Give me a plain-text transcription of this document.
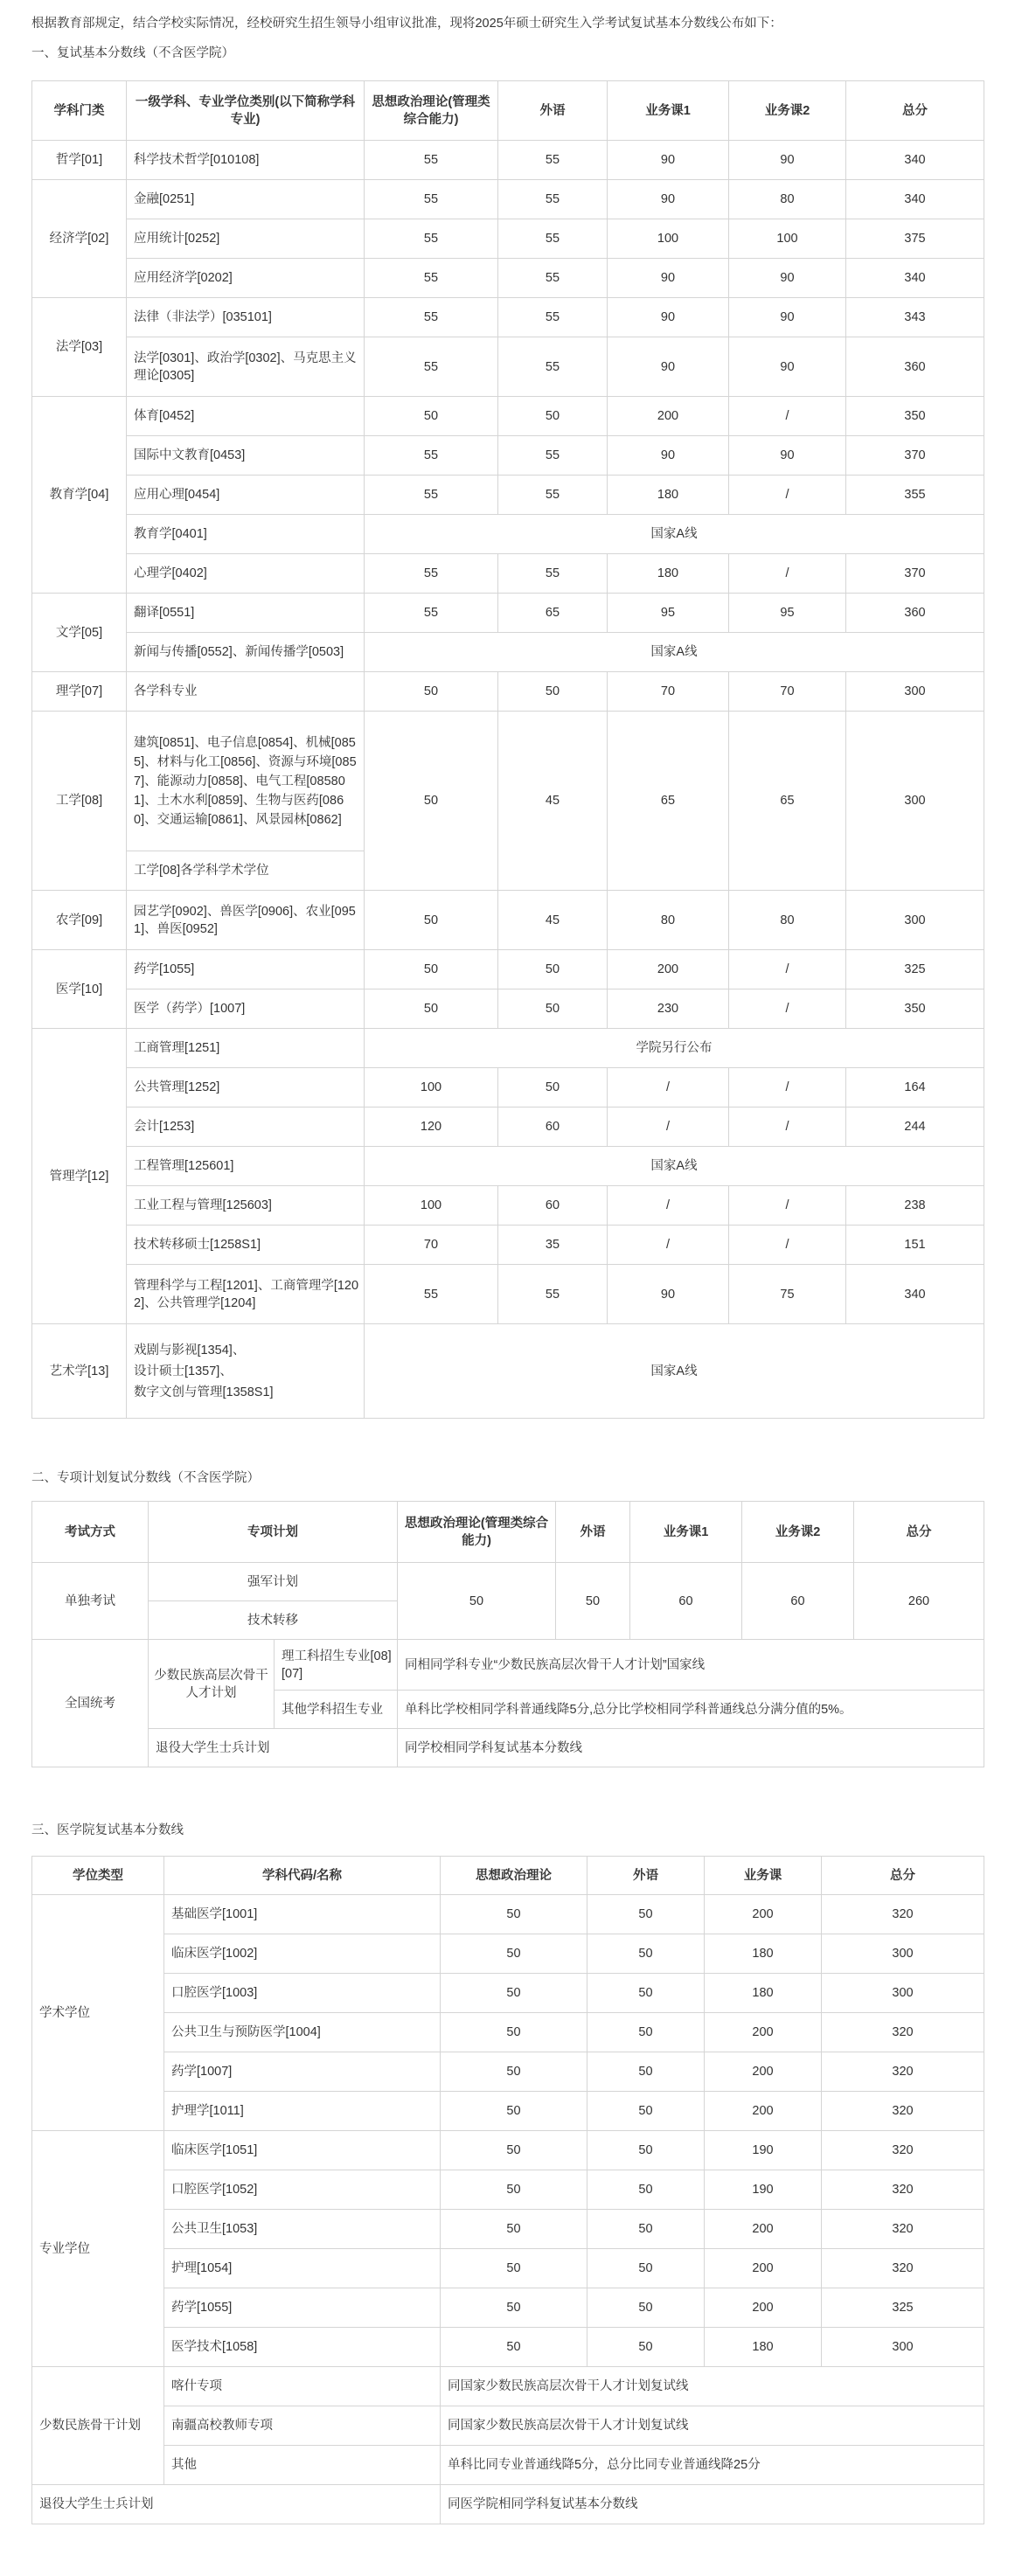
根据教育部规定，结合学校实际情况，经校研究生招生领导小组审议批准，现将2025年硕士研究生入学考试复试基本分数线公布如下：

一、复试基本分数线（不含医学院）

学科门类	一级学科、专业学位类别(以下简称学科专业)	思想政治理论(管理类综合能力)	外语	业务课1	业务课2	总分
哲学[01]	科学技术哲学[010108]	55	55	90	90	340
经济学[02]	金融[0251]	55	55	90	80	340
	应用统计[0252]	55	55	100	100	375
	应用经济学[0202]	55	55	90	90	340
法学[03]	法律（非法学）[035101]	55	55	90	90	343
	法学[0301]、政治学[0302]、马克思主义理论[0305]	55	55	90	90	360
教育学[04]	体育[0452]	50	50	200	/	350
	国际中文教育[0453]	55	55	90	90	370
	应用心理[0454]	55	55	180	/	355
	教育学[0401]	国家A线				
	心理学[0402]	55	55	180	/	370
文学[05]	翻译[0551]	55	65	95	95	360
	新闻与传播[0552]、新闻传播学[0503]	国家A线				
理学[07]	各学科专业	50	50	70	70	300
工学[08]	建筑[0851]、电子信息[0854]、机械[0855]、材料与化工[0856]、资源与环境[0857]、能源动力[0858]、电气工程[085801]、土木水利[0859]、生物与医药[0860]、交通运输[0861]、风景园林[0862]	50	45	65	65	300
	工学[08]各学科学术学位					
农学[09]	园艺学[0902]、兽医学[0906]、农业[0951]、兽医[0952]	50	45	80	80	300
医学[10]	药学[1055]	50	50	200	/	325
	医学（药学）[1007]	50	50	230	/	350
管理学[12]	工商管理[1251]	学院另行公布				
	公共管理[1252]	100	50	/	/	164
	会计[1253]	120	60	/	/	244
	工程管理[125601]	国家A线				
	工业工程与管理[125603]	100	60	/	/	238
	技术转移硕士[1258S1]	70	35	/	/	151
	管理科学与工程[1201]、工商管理学[1202]、公共管理学[1204]	55	55	90	75	340
艺术学[13]	戏剧与影视[1354]、
设计硕士[1357]、
数字文创与管理[1358S1]	国家A线				

二、专项计划复试分数线（不含医学院）

考试方式	专项计划		思想政治理论(管理类综合能力)	外语	业务课1	业务课2	总分
单独考试	强军计划		50	50	60	60	260
	技术转移						
全国统考	少数民族高层次骨干人才计划	理工科招生专业[08][07]	同相同学科专业“少数民族高层次骨干人才计划”国家线				
		其他学科招生专业	单科比学校相同学科普通线降5分,总分比学校相同学科普通线总分满分值的5%。				
	退役大学生士兵计划		同学校相同学科复试基本分数线				

三、医学院复试基本分数线

学位类型	学科代码/名称	思想政治理论	外语	业务课	总分
学术学位	基础医学[1001]	50	50	200	320
	临床医学[1002]	50	50	180	300
	口腔医学[1003]	50	50	180	300
	公共卫生与预防医学[1004]	50	50	200	320
	药学[1007]	50	50	200	320
	护理学[1011]	50	50	200	320
专业学位	临床医学[1051]	50	50	190	320
	口腔医学[1052]	50	50	190	320
	公共卫生[1053]	50	50	200	320
	护理[1054]	50	50	200	320
	药学[1055]	50	50	200	325
	医学技术[1058]	50	50	180	300
少数民族骨干计划	喀什专项	同国家少数民族高层次骨干人才计划复试线			
	南疆高校教师专项	同国家少数民族高层次骨干人才计划复试线			
	其他	单科比同专业普通线降5分，总分比同专业普通线降25分			
退役大学生士兵计划		同医学院相同学科复试基本分数线			
